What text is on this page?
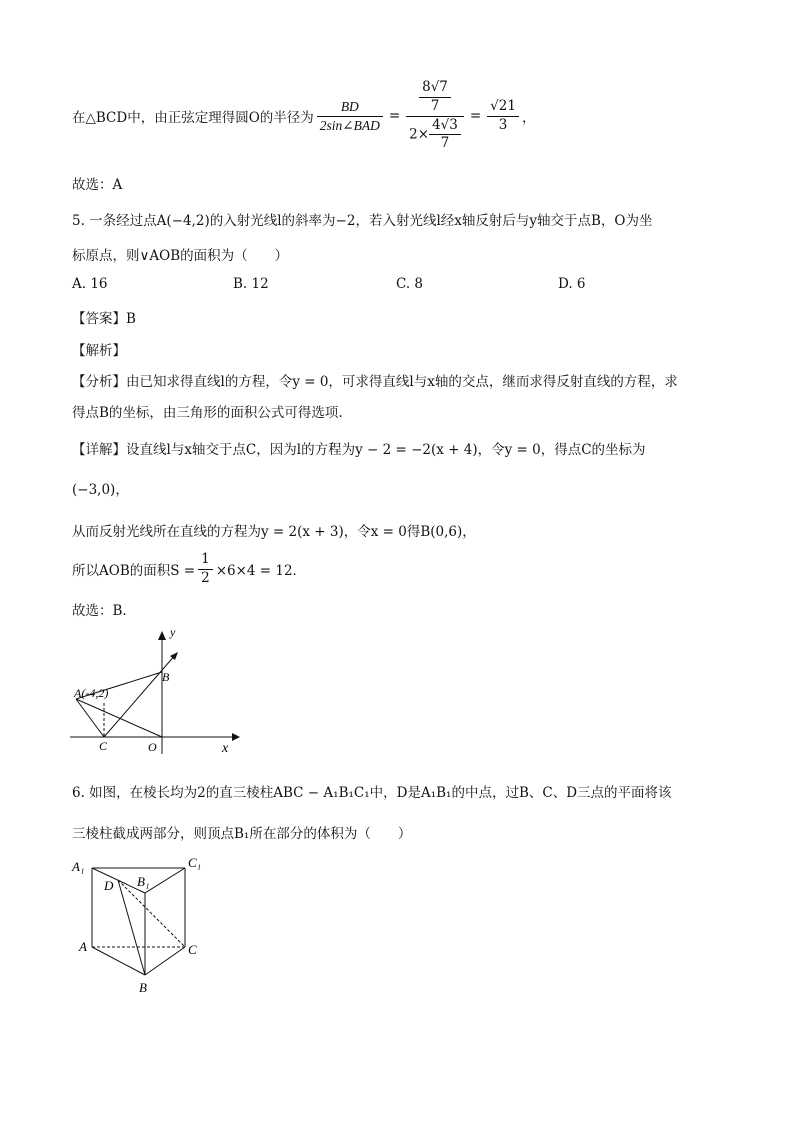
在△BCD中，由正弦定理得圆O的半径为 $\frac{BD}{\text{2sin∠BAD}} = \frac{\frac{8√7}{7}}{2\times \frac{4√3}{7}} = \frac{√21}{3}$ ，
故选：A
5. 一条经过点A(−4,2)的入射光线l的斜率为−2，若入射光线l经x轴反射后与y轴交于点B，O为坐
标原点，则∨AOB的面积为（　　）
A. 16	B. 12	C. 8	D. 6
【答案】B
【解析】
【分析】由已知求得直线l的方程，令y = 0，可求得直线l与x轴的交点，继而求得反射直线的方程，求
得点B的坐标，由三角形的面积公式可得选项.
【详解】设直线l与x轴交于点C，因为l的方程为y − 2 = −2(x + 4)，令y = 0，得点C的坐标为
(−3,0)，
从而反射光线所在直线的方程为y = 2(x + 3)，令x = 0得B(0,6)，
所以AOB的面积$S = \frac{1}{2} \times 6\times 4 = 12$．
故选：B.
y
x
A(-4,2)
B
C	O
6. 如图，在棱长均为2的直三棱柱ABC − A₁B₁C₁中，D是A₁B₁的中点，过B、C、D三点的平面将该
三棱柱截成两部分，则顶点B₁所在部分的体积为（　　）
A₁	C₁
D B₁
A	C
B
